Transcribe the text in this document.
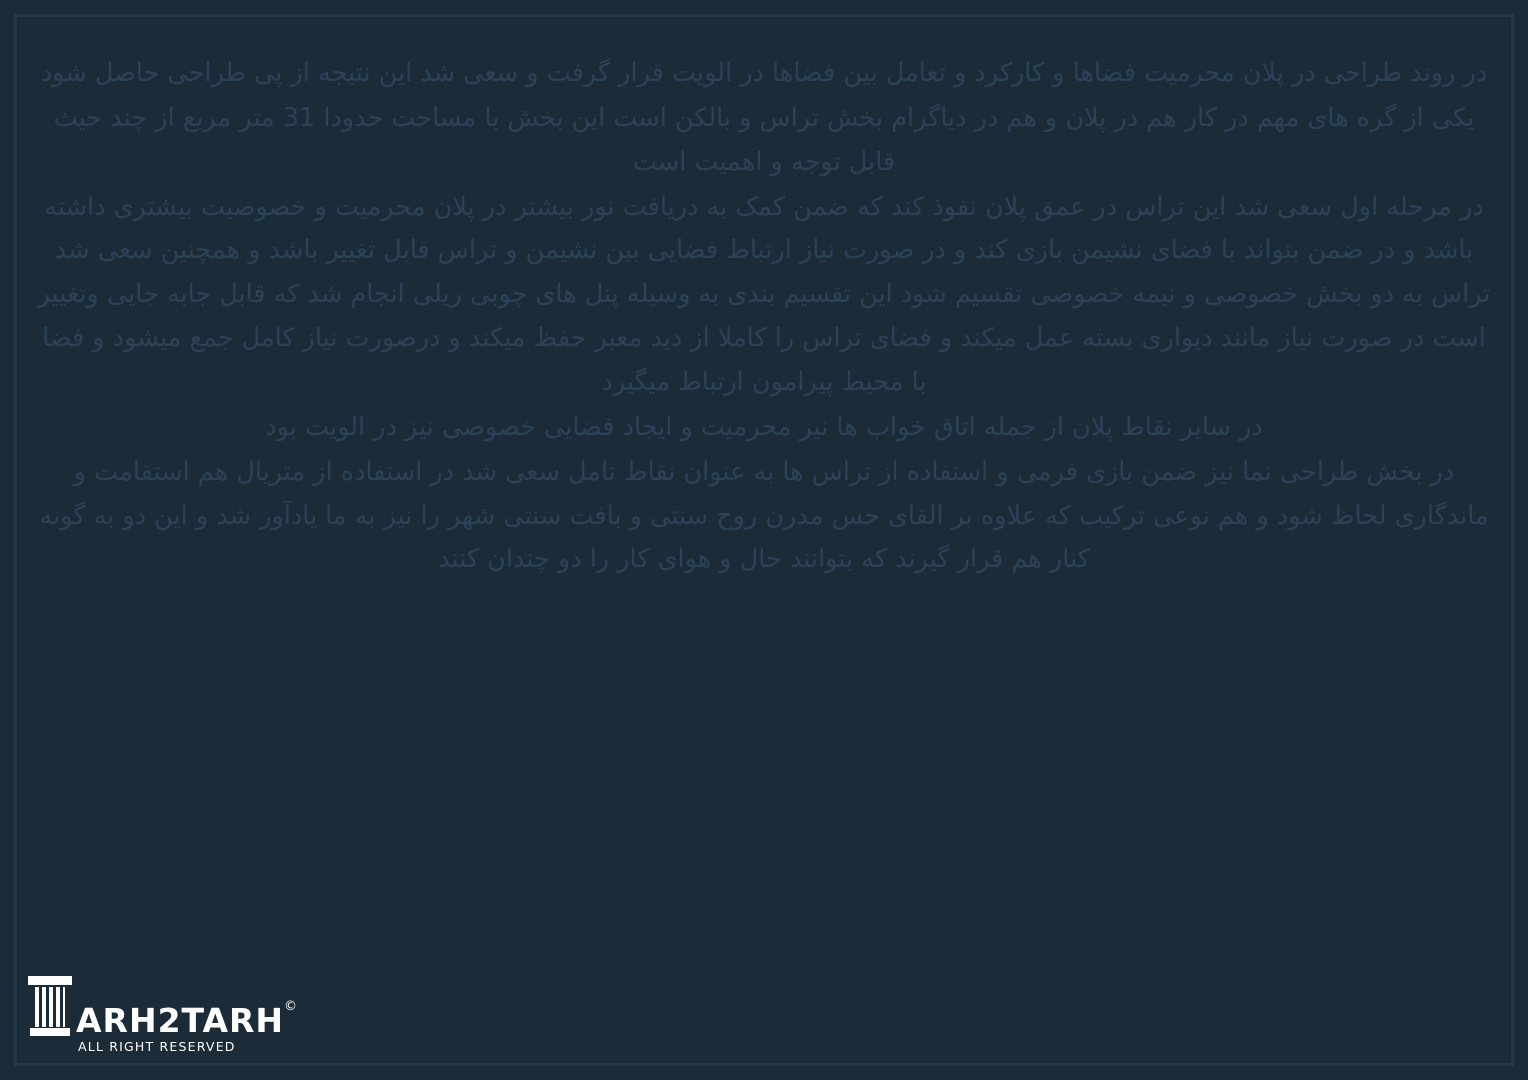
در روند طراحی در پلان محرمیت فضاها و کارکرد و تعامل بین فضاها در الویت قرار گرفت و سعی شد این نتیجه از پی طراحی حاصل شود

یکی از گره های مهم در کار هم در پلان و هم در دیاگرام بخش تراس و بالکن است این بخش با مساحت حدودا 31 متر مربع از چند حیث قابل توجه و اهمیت است

در مرحله اول سعی شد این تراس در عمق پلان نفوذ کند که ضمن کمک به دریافت نور بیشتر در پلان محرمیت و خصوصیت بیشتری داشته باشد و در ضمن بتواند با فضای نشیمن بازی کند و در صورت نیاز ارتباط فضایی بین نشیمن و تراس قابل تغییر باشد و همچنین سعی شد تراس به دو بخش خصوصی و نیمه خصوصی تقسیم شود این تقسیم بندی به وسیله پنل های چوبی ریلی انجام شد که قابل جابه جایی وتغییر است در صورت نیاز مانند دیواری بسته عمل میکند و فضای تراس را کاملا از دید معبر حفظ میکند و درصورت نیاز کامل جمع میشود و فضا با محیط پیرامون ارتباط میگیرد

در سایر نقاط پلان از جمله اتاق خواب ها نیز محرمیت و ایجاد فضایی خصوصی نیز در الویت بود

در بخش طراحی نما نیز ضمن بازی فرمی و استفاده از تراس ها به عنوان نقاط تامل سعی شد در استفاده از متریال هم استقامت و ماندگاری لحاظ شود و هم نوعی ترکیب که علاوه بر القای حس مدرن روح سنتی و بافت سنتی شهر را نیز به ما یادآور شد و این دو به گونه کنار هم قرار گیرند که بتوانند حال و هوای کار را دو چندان کنند

ARH2TARH ©
ALL RIGHT RESERVED
